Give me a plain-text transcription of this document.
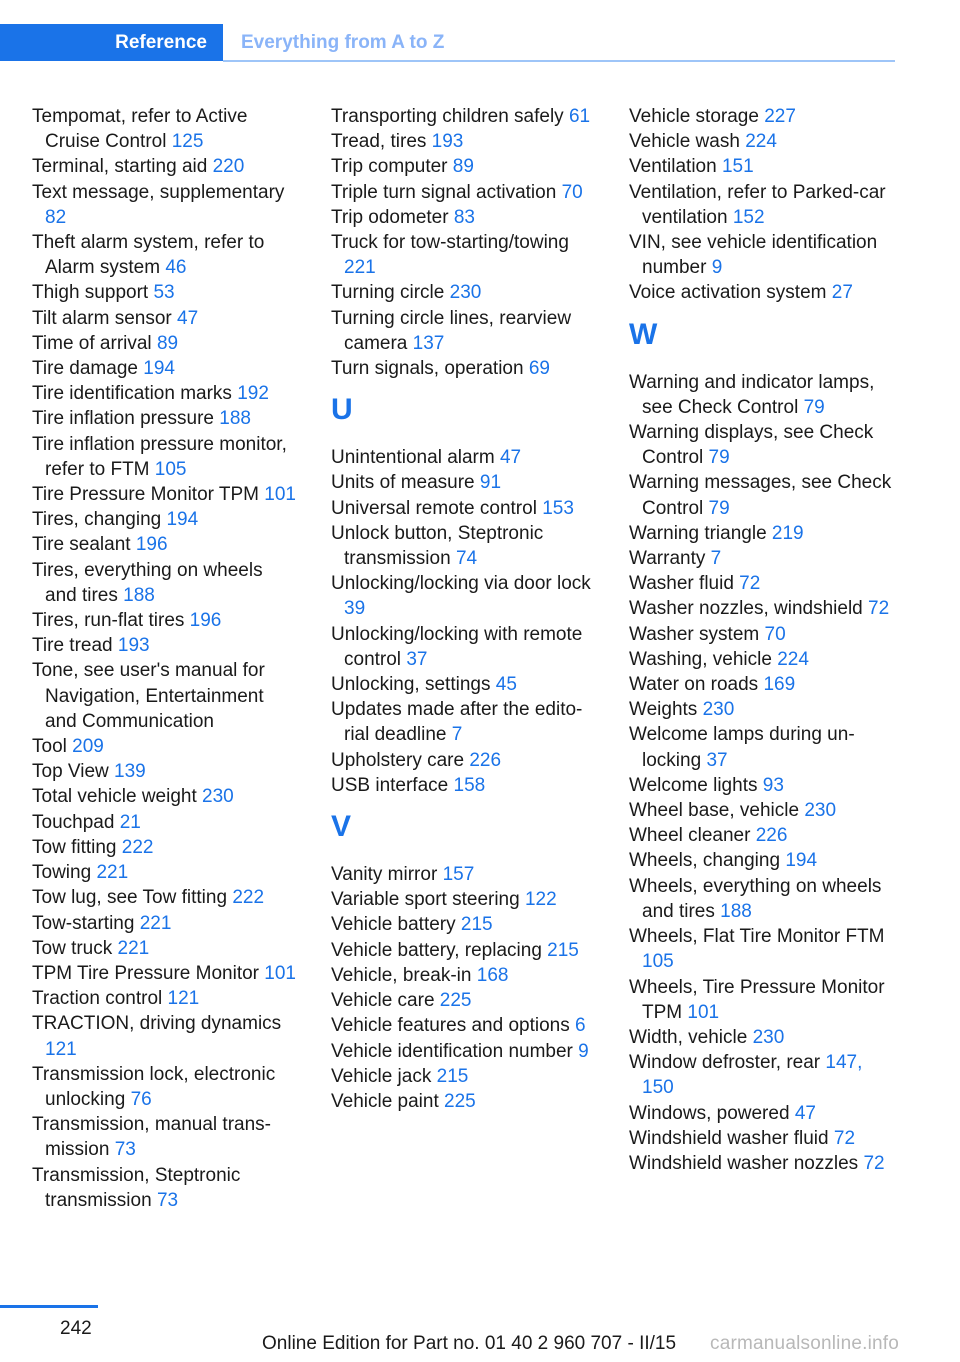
Reference Everything from A to Z
Tempomat, refer to Active Cruise Control 125
Terminal, starting aid 220
Text message, supplementary 82
Theft alarm system, refer to Alarm system 46
Thigh support 53
Tilt alarm sensor 47
Time of arrival 89
Tire damage 194
Tire identification marks 192
Tire inflation pressure 188
Tire inflation pressure monitor, refer to FTM 105
Tire Pressure Monitor TPM 101
Tires, changing 194
Tire sealant 196
Tires, everything on wheels and tires 188
Tires, run-flat tires 196
Tire tread 193
Tone, see user's manual for Navigation, Entertainment and Communication
Tool 209
Top View 139
Total vehicle weight 230
Touchpad 21
Tow fitting 222
Towing 221
Tow lug, see Tow fitting 222
Tow-starting 221
Tow truck 221
TPM Tire Pressure Monitor 101
Traction control 121
TRACTION, driving dynamics 121
Transmission lock, electronic unlocking 76
Transmission, manual transmission 73
Transmission, Steptronic transmission 73
Transporting children safely 61
Tread, tires 193
Trip computer 89
Triple turn signal activation 70
Trip odometer 83
Truck for tow-starting/towing 221
Turning circle 230
Turning circle lines, rearview camera 137
Turn signals, operation 69
U
Unintentional alarm 47
Units of measure 91
Universal remote control 153
Unlock button, Steptronic transmission 74
Unlocking/locking via door lock 39
Unlocking/locking with remote control 37
Unlocking, settings 45
Updates made after the editorial deadline 7
Upholstery care 226
USB interface 158
V
Vanity mirror 157
Variable sport steering 122
Vehicle battery 215
Vehicle battery, replacing 215
Vehicle, break-in 168
Vehicle care 225
Vehicle features and options 6
Vehicle identification number 9
Vehicle jack 215
Vehicle paint 225
Vehicle storage 227
Vehicle wash 224
Ventilation 151
Ventilation, refer to Parked-car ventilation 152
VIN, see vehicle identification number 9
Voice activation system 27
W
Warning and indicator lamps, see Check Control 79
Warning displays, see Check Control 79
Warning messages, see Check Control 79
Warning triangle 219
Warranty 7
Washer fluid 72
Washer nozzles, windshield 72
Washer system 70
Washing, vehicle 224
Water on roads 169
Weights 230
Welcome lamps during unlocking 37
Welcome lights 93
Wheel base, vehicle 230
Wheel cleaner 226
Wheels, changing 194
Wheels, everything on wheels and tires 188
Wheels, Flat Tire Monitor FTM 105
Wheels, Tire Pressure Monitor TPM 101
Width, vehicle 230
Window defroster, rear 147, 150
Windows, powered 47
Windshield washer fluid 72
Windshield washer nozzles 72
242
Online Edition for Part no. 01 40 2 960 707 - II/15 carmanualsonline.info
